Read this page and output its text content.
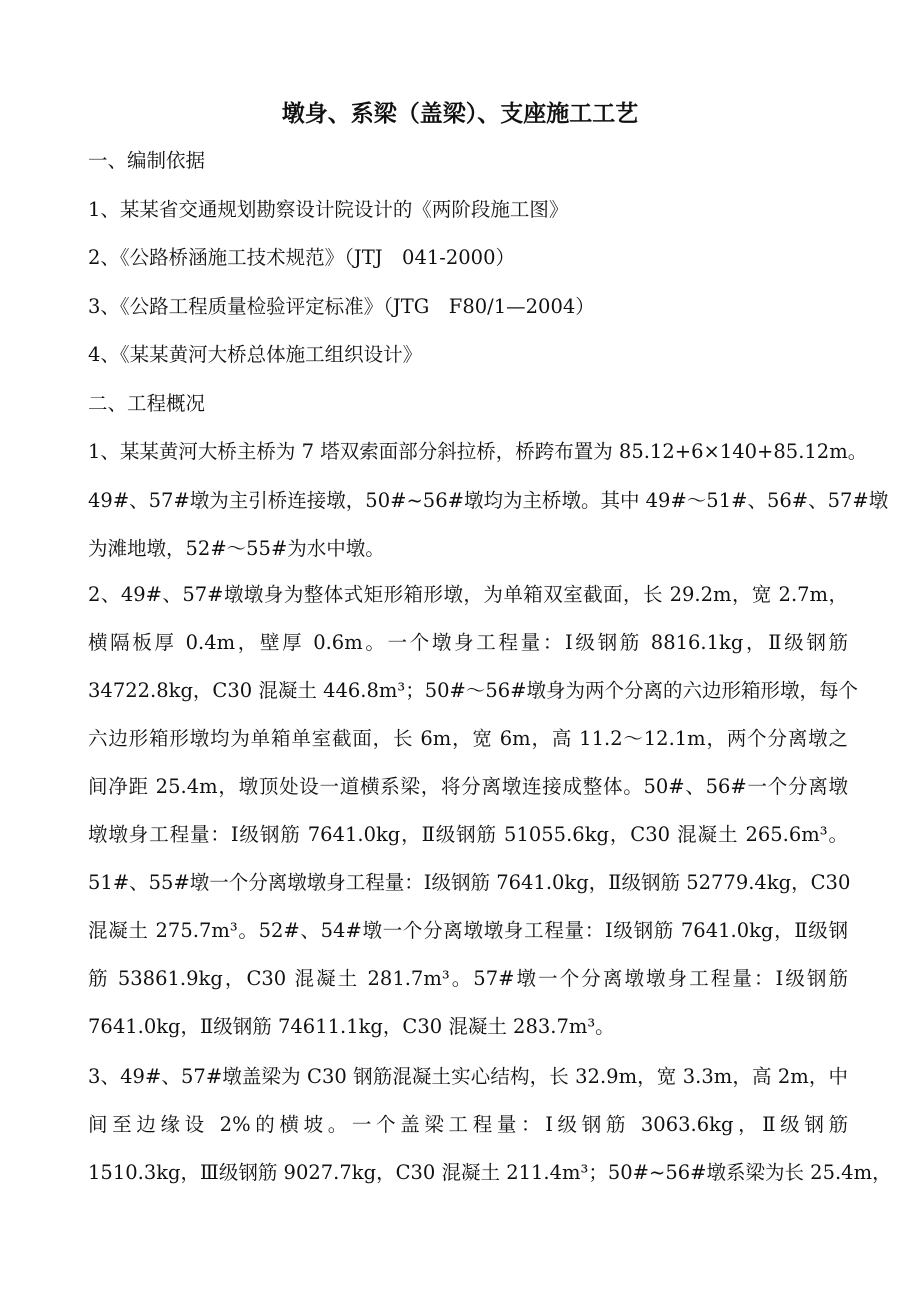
墩身、系梁（盖梁）、支座施工工艺
一、编制依据
1、某某省交通规划勘察设计院设计的《两阶段施工图》
2、《公路桥涵施工技术规范》（JTJ　041-2000）
3、《公路工程质量检验评定标准》（JTG　F80/1—2004）
4、《某某黄河大桥总体施工组织设计》
二、工程概况
1、某某黄河大桥主桥为 7 塔双索面部分斜拉桥，桥跨布置为 85.12+6×140+85.12m。
49#、57#墩为主引桥连接墩，50#~56#墩均为主桥墩。其中 49#～51#、56#、57#墩
为滩地墩，52#～55#为水中墩。
2、49#、57#墩墩身为整体式矩形箱形墩，为单箱双室截面，长 29.2m，宽 2.7m，
横隔板厚 0.4m，壁厚 0.6m。一个墩身工程量：Ⅰ级钢筋 8816.1kg，Ⅱ级钢筋
34722.8kg，C30 混凝土 446.8m³；50#～56#墩身为两个分离的六边形箱形墩，每个
六边形箱形墩均为单箱单室截面，长 6m，宽 6m，高 11.2～12.1m，两个分离墩之
间净距 25.4m，墩顶处设一道横系梁，将分离墩连接成整体。50#、56#一个分离墩
墩墩身工程量：Ⅰ级钢筋 7641.0kg，Ⅱ级钢筋 51055.6kg，C30 混凝土 265.6m³。
51#、55#墩一个分离墩墩身工程量：Ⅰ级钢筋 7641.0kg，Ⅱ级钢筋 52779.4kg，C30
混凝土 275.7m³。52#、54#墩一个分离墩墩身工程量：Ⅰ级钢筋 7641.0kg，Ⅱ级钢
筋 53861.9kg，C30 混凝土 281.7m³。57#墩一个分离墩墩身工程量：Ⅰ级钢筋
7641.0kg，Ⅱ级钢筋 74611.1kg，C30 混凝土 283.7m³。
3、49#、57#墩盖梁为 C30 钢筋混凝土实心结构，长 32.9m，宽 3.3m，高 2m，中
间至边缘设 2%的横坡。一个盖梁工程量：Ⅰ级钢筋 3063.6kg，Ⅱ级钢筋
1510.3kg，Ⅲ级钢筋 9027.7kg，C30 混凝土 211.4m³；50#~56#墩系梁为长 25.4m，
